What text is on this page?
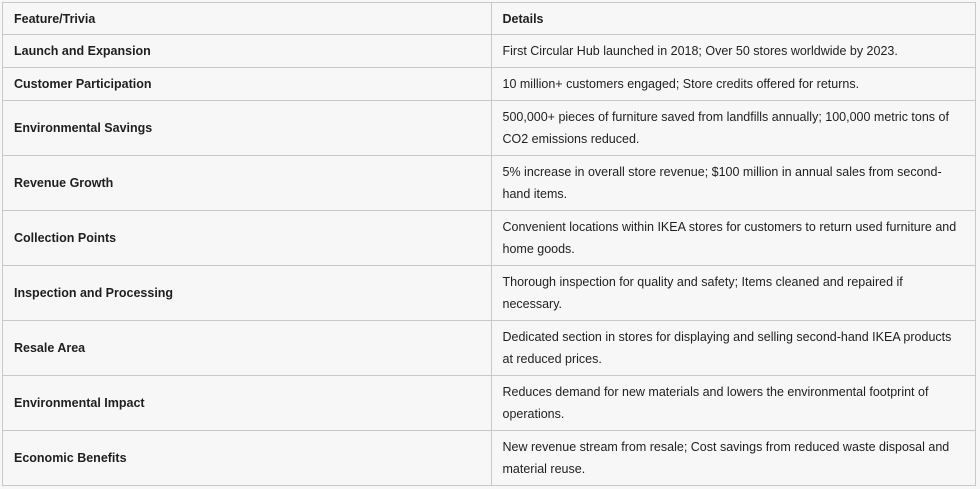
Feature/Trivia	Details
Launch and Expansion	First Circular Hub launched in 2018; Over 50 stores worldwide by 2023.
Customer Participation	10 million+ customers engaged; Store credits offered for returns.
Environmental Savings	500,000+ pieces of furniture saved from landfills annually; 100,000 metric tons of CO2 emissions reduced.
Revenue Growth	5% increase in overall store revenue; $100 million in annual sales from second-hand items.
Collection Points	Convenient locations within IKEA stores for customers to return used furniture and home goods.
Inspection and Processing	Thorough inspection for quality and safety; Items cleaned and repaired if necessary.
Resale Area	Dedicated section in stores for displaying and selling second-hand IKEA products at reduced prices.
Environmental Impact	Reduces demand for new materials and lowers the environmental footprint of operations.
Economic Benefits	New revenue stream from resale; Cost savings from reduced waste disposal and material reuse.
